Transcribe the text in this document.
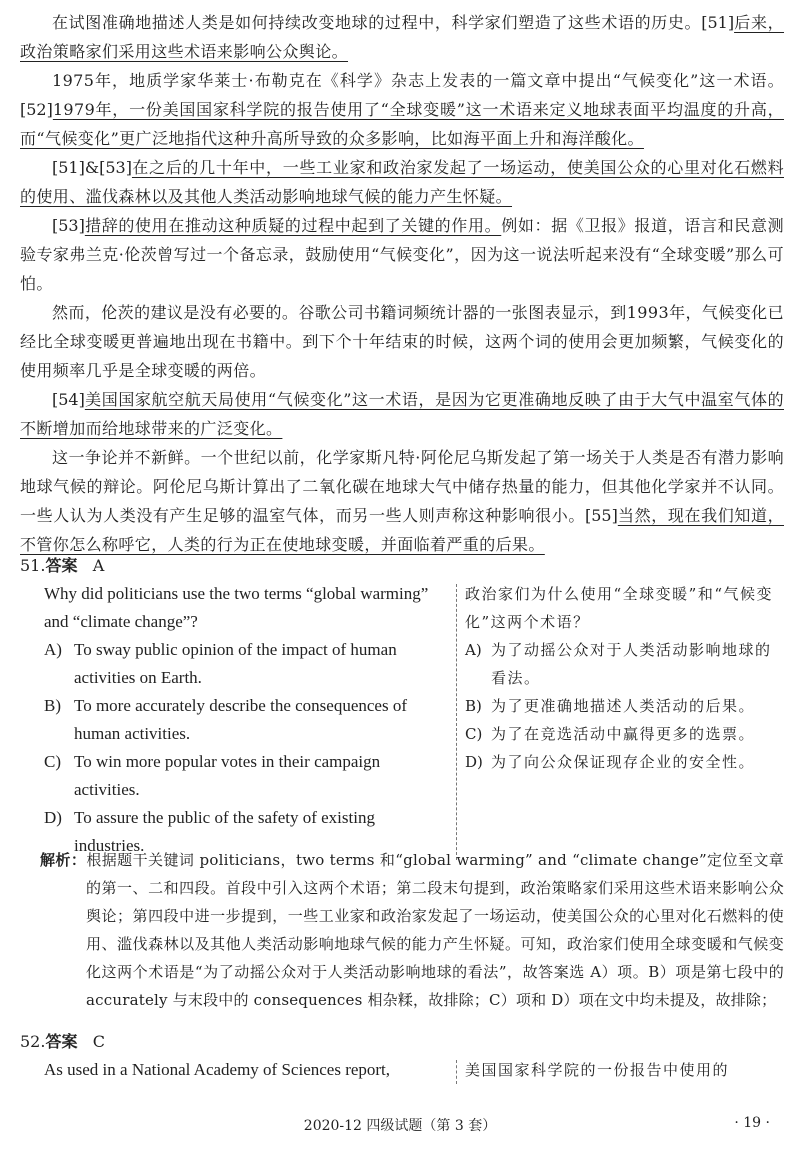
在试图准确地描述人类是如何持续改变地球的过程中，科学家们塑造了这些术语的历史。[51]后来，政治策略家们采用这些术语来影响公众舆论。

1975年，地质学家华莱士·布勒克在《科学》杂志上发表的一篇文章中提出“气候变化”这一术语。[52]1979年，一份美国国家科学院的报告使用了“全球变暖”这一术语来定义地球表面平均温度的升高，而“气候变化”更广泛地指代这种升高所导致的众多影响，比如海平面上升和海洋酸化。

[51]&[53]在之后的几十年中，一些工业家和政治家发起了一场运动，使美国公众的心里对化石燃料的使用、滥伐森林以及其他人类活动影响地球气候的能力产生怀疑。

[53]措辞的使用在推动这种质疑的过程中起到了关键的作用。例如：据《卫报》报道，语言和民意测验专家弗兰克·伦茨曾写过一个备忘录，鼓励使用“气候变化”，因为这一说法听起来没有“全球变暖”那么可怕。

然而，伦茨的建议是没有必要的。谷歌公司书籍词频统计器的一张图表显示，到1993年，气候变化已经比全球变暖更普遍地出现在书籍中。到下个十年结束的时候，这两个词的使用会更加频繁，气候变化的使用频率几乎是全球变暖的两倍。

[54]美国国家航空航天局使用“气候变化”这一术语，是因为它更准确地反映了由于大气中温室气体的不断增加而给地球带来的广泛变化。

这一争论并不新鲜。一个世纪以前，化学家斯凡特·阿伦尼乌斯发起了第一场关于人类是否有潜力影响地球气候的辩论。阿伦尼乌斯计算出了二氧化碳在地球大气中储存热量的能力，但其他化学家并不认同。一些人认为人类没有产生足够的温室气体，而另一些人则声称这种影响很小。[55]当然，现在我们知道，不管你怎么称呼它，人类的行为正在使地球变暖，并面临着严重的后果。

51.答案 A
Why did politicians use the two terms “global warming” and “climate change”?
A) To sway public opinion of the impact of human activities on Earth.
B) To more accurately describe the consequences of human activities.
C) To win more popular votes in their campaign activities.
D) To assure the public of the safety of existing industries.
政治家们为什么使用“全球变暖”和“气候变化”这两个术语？
A) 为了动摇公众对于人类活动影响地球的看法。
B) 为了更准确地描述人类活动的后果。
C) 为了在竞选活动中赢得更多的选票。
D) 为了向公众保证现存企业的安全性。
解析：根据题干关键词 politicians，two terms 和“global warming” and “climate change”定位至文章的第一、二和四段。首段中引入这两个术语；第二段末句提到，政治策略家们采用这些术语来影响公众舆论；第四段中进一步提到，一些工业家和政治家发起了一场运动，使美国公众的心里对化石燃料的使用、滥伐森林以及其他人类活动影响地球气候的能力产生怀疑。可知，政治家们使用全球变暖和气候变化这两个术语是“为了动摇公众对于人类活动影响地球的看法”，故答案选 A）项。B）项是第七段中的 accurately 与末段中的 consequences 相杂糅，故排除；C）项和 D）项在文中均未提及，故排除；
52.答案 C
As used in a National Academy of Sciences report,	美国国家科学院的一份报告中使用的
2020-12 四级试题（第 3 套）	· 19 ·
